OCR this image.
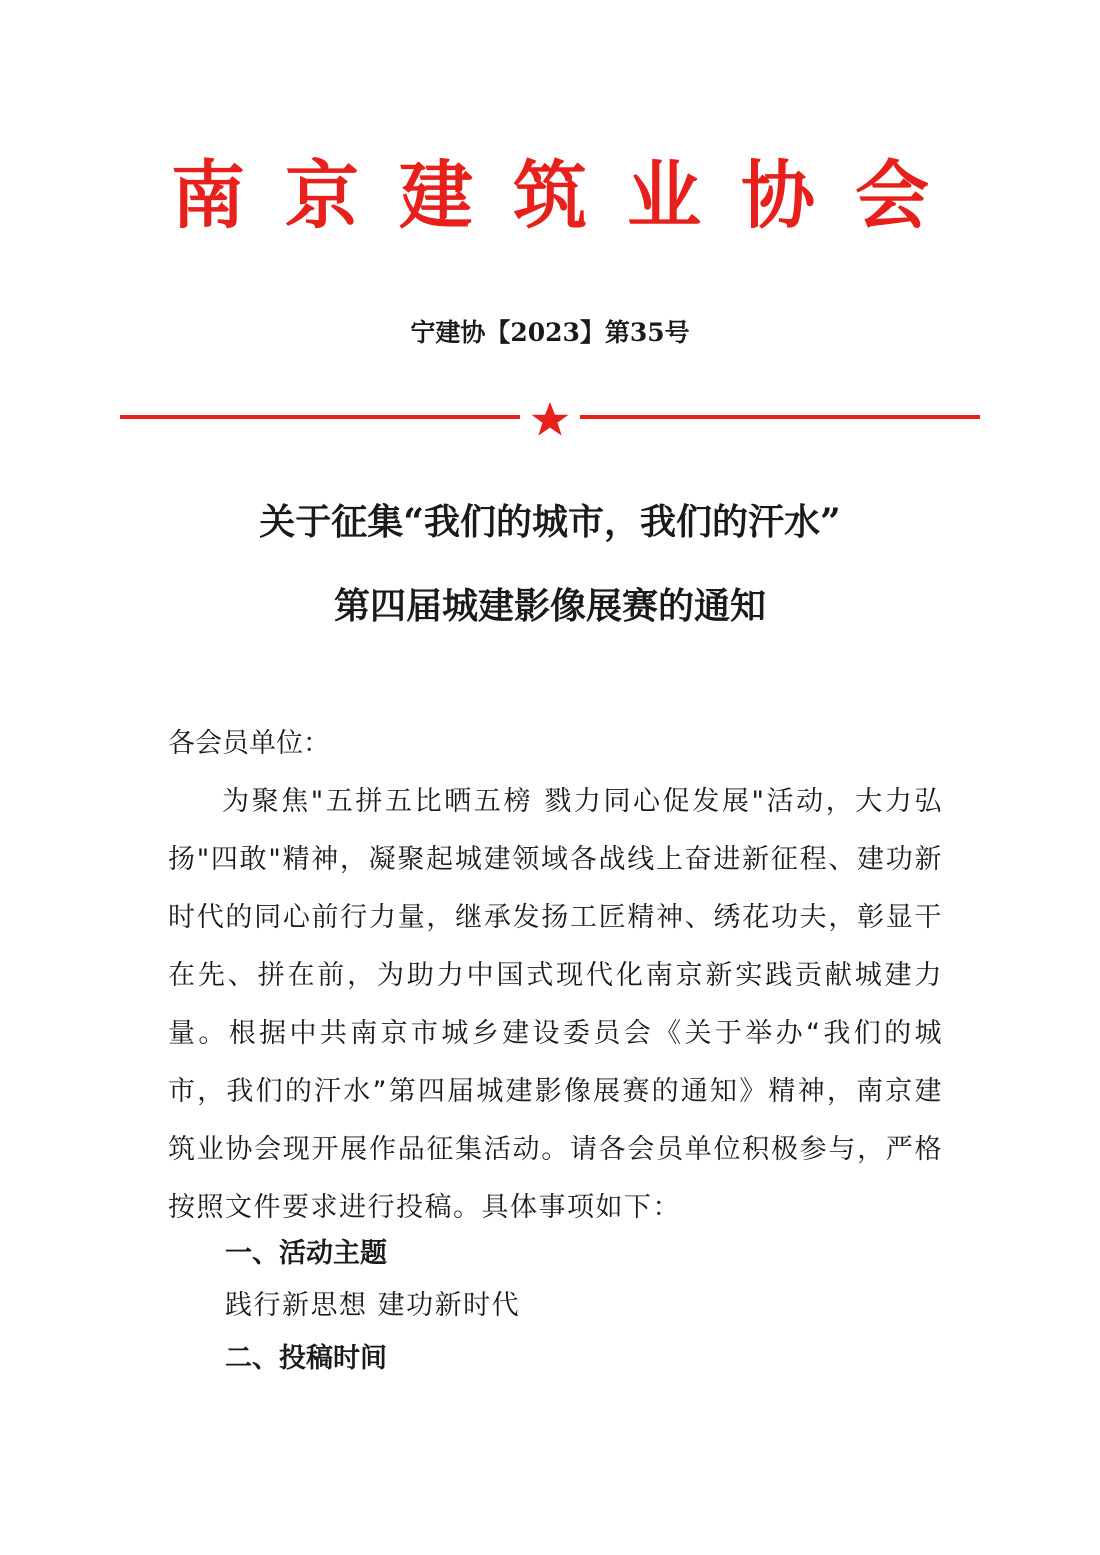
南京建筑业协会
宁建协【2023】第35号
关于征集“我们的城市，我们的汗水”
第四届城建影像展赛的通知
各会员单位：
为聚焦"五拼五比晒五榜 戮力同心促发展"活动，大力弘扬"四敢"精神，凝聚起城建领域各战线上奋进新征程、建功新时代的同心前行力量，继承发扬工匠精神、绣花功夫，彰显干在先、拼在前，为助力中国式现代化南京新实践贡献城建力量。根据中共南京市城乡建设委员会《关于举办“我们的城市，我们的汗水”第四届城建影像展赛的通知》精神，南京建筑业协会现开展作品征集活动。请各会员单位积极参与，严格按照文件要求进行投稿。具体事项如下：
一、活动主题
践行新思想 建功新时代
二、投稿时间
